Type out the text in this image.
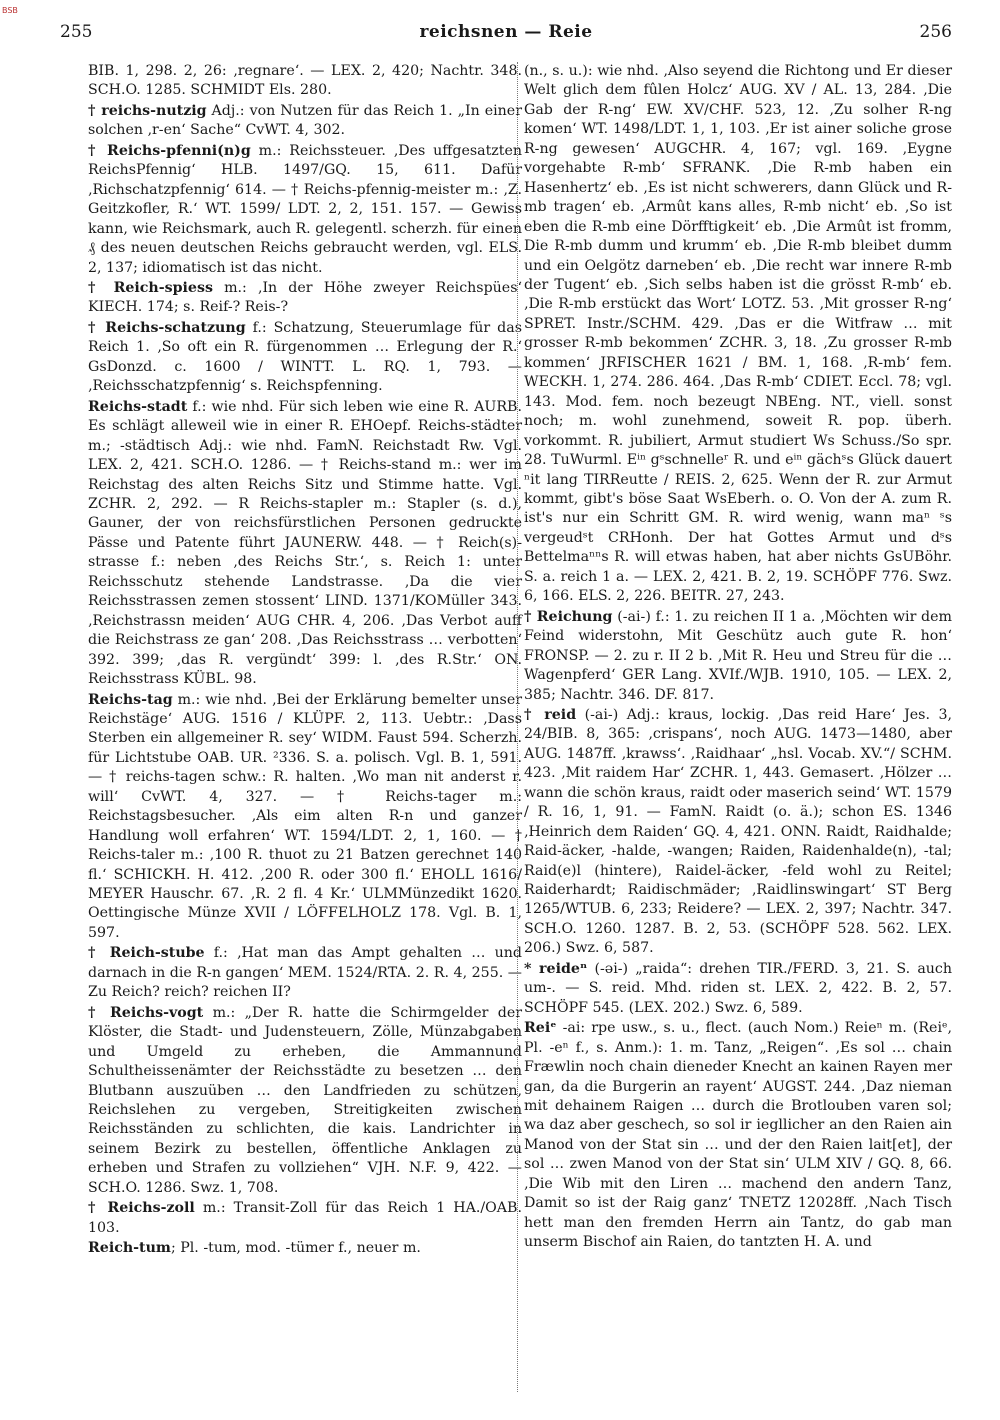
BSB
255	reichsnen — Reie	256

BIB. 1, 298. 2, 26: ‚regnare‘. — LEX. 2, 420; Nachtr. 348. SCH.O. 1285. SCHMIDT Els. 280.

† reichs-nutzig Adj.: von Nutzen für das Reich 1. „In einer solchen ‚r-en‘ Sache“ CvWT. 4, 302.

† Reichs-pfenni(n)g m.: Reichssteuer. ‚Des uffgesatzten ReichsPfennig‘ HLB. 1497/GQ. 15, 611. Dafür ‚Richschatzpfennig‘ 614. — † Reichs-pfennig-meister m.: ‚Z. Geitzkofler, R.‘ WT. 1599/ LDT. 2, 2, 151. 157. — Gewiss kann, wie Reichsmark, auch R. gelegentl. scherzh. für einen ₰ des neuen deutschen Reichs gebraucht werden, vgl. ELS. 2, 137; idiomatisch ist das nicht.

† Reich-spiess m.: ‚In der Höhe zweyer Reichspües‘ KIECH. 174; s. Reif-? Reis-?

† Reichs-schatzung f.: Schatzung, Steuerumlage für das Reich 1. ‚So oft ein R. fürgenommen … Erlegung der R.‘ GsDonzd. c. 1600 / WINTT. L. RQ. 1, 793. — ‚Reichsschatzpfennig‘ s. Reichspfenning.

Reichs-stadt f.: wie nhd. Für sich leben wie eine R. AURB. Es schlägt alleweil wie in einer R. EHOepf. Reichs-städter m.; -städtisch Adj.: wie nhd. FamN. Reichstadt Rw. Vgl. LEX. 2, 421. SCH.O. 1286. — † Reichs-stand m.: wer im Reichstag des alten Reichs Sitz und Stimme hatte. Vgl. ZCHR. 2, 292. — R Reichs-stapler m.: Stapler (s. d.), Gauner, der von reichsfürstlichen Personen gedruckte Pässe und Patente führt JAUNERW. 448. — † Reich(s)-strasse f.: neben ‚des Reichs Str.‘, s. Reich 1: unter Reichsschutz stehende Landstrasse. ‚Da die vier Reichsstrassen zemen stossent‘ LIND. 1371/KOMüller 343. ‚Reichstrassn meiden‘ AUG CHR. 4, 206. ‚Das Verbot auff die Reichstrass ze gan‘ 208. ‚Das Reichsstrass … verbotten‘ 392. 399; ‚das R. vergündt‘ 399: l. ‚des R.Str.‘ ON. Reichsstrass KÜBL. 98.

Reichs-tag m.: wie nhd. ‚Bei der Erklärung bemelter unser Reichstäge‘ AUG. 1516 / KLÜPF. 2, 113. Uebtr.: ‚Dass Sterben ein allgemeiner R. sey‘ WIDM. Faust 594. Scherzh. für Lichtstube OAB. UR. ²336. S. a. polisch. Vgl. B. 1, 591. — † reichs-tagen schw.: R. halten. ‚Wo man nit anderst r. will‘ CvWT. 4, 327. — † Reichs-tager m.: Reichstagsbesucher. ‚Als eim alten R-n und ganzer Handlung woll erfahren‘ WT. 1594/LDT. 2, 1, 160. — † Reichs-taler m.: ‚100 R. thuot zu 21 Batzen gerechnet 140 fl.‘ SCHICKH. H. 412. ‚200 R. oder 300 fl.‘ EHOLL 1616/ MEYER Hauschr. 67. ‚R. 2 fl. 4 Kr.‘ ULMMünzedikt 1620. Oettingische Münze XVII / LÖFFELHOLZ 178. Vgl. B. 1, 597.

† Reich-stube f.: ‚Hat man das Ampt gehalten … und darnach in die R-n gangen‘ MEM. 1524/RTA. 2. R. 4, 255. — Zu Reich? reich? reichen II?

† Reichs-vogt m.: „Der R. hatte die Schirmgelder der Klöster, die Stadt- und Judensteuern, Zölle, Münzabgaben und Umgeld zu erheben, die Ammannund Schultheissenämter der Reichsstädte zu besetzen … den Blutbann auszuüben … den Landfrieden zu schützen, Reichslehen zu vergeben, Streitigkeiten zwischen Reichsständen zu schlichten, die kais. Landrichter in seinem Bezirk zu bestellen, öffentliche Anklagen zu erheben und Strafen zu vollziehen“ VJH. N.F. 9, 422. — SCH.O. 1286. Swz. 1, 708.

† Reichs-zoll m.: Transit-Zoll für das Reich 1 HA./OAB. 103.

Reich-tum; Pl. -tum, mod. -tümer f., neuer m.

(n., s. u.): wie nhd. ‚Also seyend die Richtong und Er dieser Welt glich dem fûlen Holcz‘ AUG. XV / AL. 13, 284. ‚Die Gab der R-ng‘ EW. XV/CHF. 523, 12. ‚Zu solher R-ng komen‘ WT. 1498/LDT. 1, 1, 103. ‚Er ist ainer soliche grose R-ng gewesen‘ AUGCHR. 4, 167; vgl. 169. ‚Eygne vorgehabte R-mb‘ SFRANK. ‚Die R-mb haben ein Hasenhertz‘ eb. ‚Es ist nicht schwerers, dann Glück und R-mb tragen‘ eb. ‚Armût kans alles, R-mb nicht‘ eb. ‚So ist eben die R-mb eine Dörfftigkeit‘ eb. ‚Die Armût ist fromm, Die R-mb dumm und krumm‘ eb. ‚Die R-mb bleibet dumm und ein Oelgötz darneben‘ eb. ‚Die recht war innere R-mb der Tugent‘ eb. ‚Sich selbs haben ist die grösst R-mb‘ eb. ‚Die R-mb erstückt das Wort‘ LOTZ. 53. ‚Mit grosser R-ng‘ SPRET. Instr./SCHM. 429. ‚Das er die Witfraw … mit grosser R-mb bekommen‘ ZCHR. 3, 18. ‚Zu grosser R-mb kommen‘ JRFISCHER 1621 / BM. 1, 168. ‚R-mb‘ fem. WECKH. 1, 274. 286. 464. ‚Das R-mb‘ CDIET. Eccl. 78; vgl. 143. Mod. fem. noch bezeugt NBEng. NT., viell. sonst noch; m. wohl zunehmend, soweit R. pop. überh. vorkommt. R. jubiliert, Armut studiert Ws Schuss./So spr. 28. TuWurml. Eⁱⁿ gˢschnelleʳ R. und eⁱⁿ gächˢs Glück dauert ⁿit lang TIRReutte / REIS. 2, 625. Wenn der R. zur Armut kommt, gibt's böse Saat WsEberh. o. O. Von der A. zum R. ist's nur ein Schritt GM. R. wird wenig, wann maⁿ ˢs vergeudˢt CRHonh. Der hat Gottes Armut und dˢs Bettelmaⁿⁿs R. will etwas haben, hat aber nichts GsUBöhr. S. a. reich 1 a. — LEX. 2, 421. B. 2, 19. SCHÖPF 776. Swz. 6, 166. ELS. 2, 226. BEITR. 27, 243.

† Reichung (-ai-) f.: 1. zu reichen II 1 a. ‚Möchten wir dem Feind widerstohn, Mit Geschütz auch gute R. hon‘ FRONSP. — 2. zu r. II 2 b. ‚Mit R. Heu und Streu für die … Wagenpferd‘ GER Lang. XVIf./WJB. 1910, 105. — LEX. 2, 385; Nachtr. 346. DF. 817.

† reid (-ai-) Adj.: kraus, lockig. ‚Das reid Hare‘ Jes. 3, 24/BIB. 8, 365: ‚crispans‘, noch AUG. 1473—1480, aber AUG. 1487ff. ‚krawss‘. ‚Raidhaar‘ „hsl. Vocab. XV.“/ SCHM. 423. ‚Mit raidem Har‘ ZCHR. 1, 443. Gemasert. ‚Hölzer … wann die schön kraus, raidt oder maserich seind‘ WT. 1579 / R. 16, 1, 91. — FamN. Raidt (o. ä.); schon ES. 1346 ‚Heinrich dem Raiden‘ GQ. 4, 421. ONN. Raidt, Raidhalde; Raid-äcker, -halde, -wangen; Raiden, Raidenhalde(n), -tal; Raid(e)l (hintere), Raidel-äcker, -feld wohl zu Reitel; Raiderhardt; Raidischmäder; ‚Raidlinswingart‘ ST Berg 1265/WTUB. 6, 233; Reidere? — LEX. 2, 397; Nachtr. 347. SCH.O. 1260. 1287. B. 2, 53. (SCHÖPF 528. 562. LEX. 206.) Swz. 6, 587.

* reideⁿ (-əi-) „raida“: drehen TIR./FERD. 3, 21. S. auch um-. — S. reid. Mhd. riden st. LEX. 2, 422. B. 2, 57. SCHÖPF 545. (LEX. 202.) Swz. 6, 589.

Reiᵉ -ai: rpe usw., s. u., flect. (auch Nom.) Reieⁿ m. (Reiᵉ, Pl. -eⁿ f., s. Anm.): 1. m. Tanz, „Reigen“. ‚Es sol … chain Fræwlin noch chain dieneder Knecht an kainen Rayen mer gan, da die Burgerin an rayent‘ AUGST. 244. ‚Daz nieman mit dehainem Raigen … durch die Brotlouben varen sol; wa daz aber geschech, so sol ir iegllicher an den Raien ain Manod von der Stat sin … und der den Raien lait[et], der sol … zwen Manod von der Stat sin‘ ULM XIV / GQ. 8, 66. ‚Die Wib mit den Liren … machend den andern Tanz, Damit so ist der Raig ganz‘ TNETZ 12028ff. ‚Nach Tisch hett man den fremden Herrn ain Tantz, do gab man unserm Bischof ain Raien, do tantzten H. A. und
